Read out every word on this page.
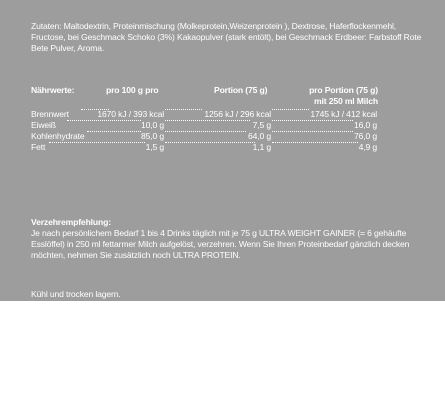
Zutaten: Maltodextrin, Proteinmischung (Molkeprotein,Weizenprotein ), Dextrose, Haferflockenmehl, Fructose, bei Geschmack Schoko (3%) Kakaopulver (stark entölt), bei Geschmack Erdbeer: Farbstoff Rote Bete Pulver, Aroma.

Nährwerte:	pro 100 g pro	Portion (75 g)	pro Portion (75 g)
mit 250 ml Milch
Brennwert	1670 kJ / 393 kcal	1256 kJ / 296 kcal	1745 kJ / 412 kcal
Eiweiß	10,0 g	7,5 g	16,0 g
Kohlenhydrate	85,0 g	64,0 g	76,0 g
Fett	1,5 g	1,1 g	4,9 g
Verzehrempfehlung:
Je nach persönlichem Bedarf 1 bis 4 Drinks täglich mit je 75 g ULTRA WEIGHT GAINER (= 6 gehäufte Esslöffel) in 250 ml fettarmer Milch aufgelöst, verzehren. Wenn Sie Ihren Proteinbedarf gänzlich decken möchten, nehmen Sie zusätzlich noch ULTRA PROTEIN.

Kühl und trocken lagern.
